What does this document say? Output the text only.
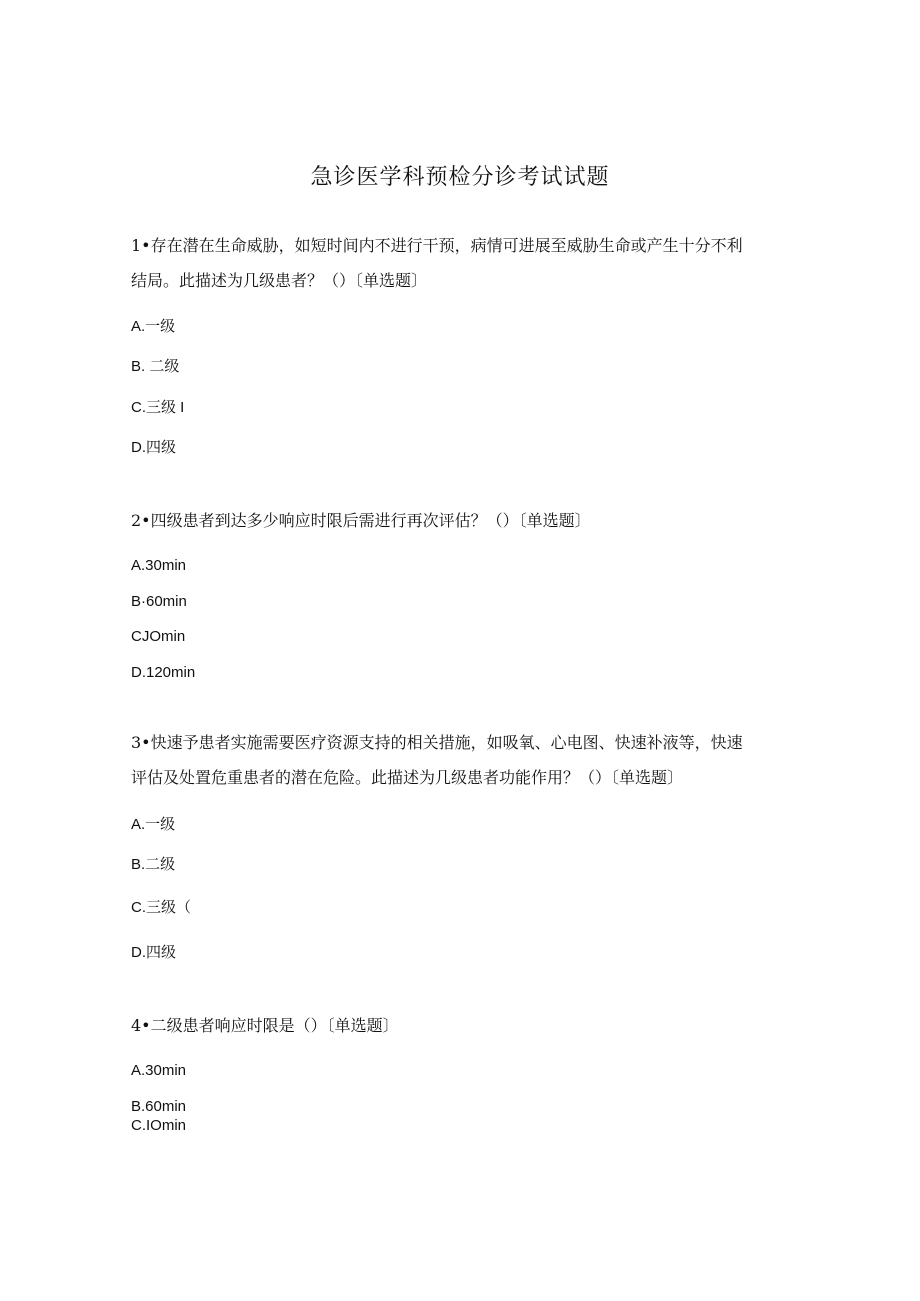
急诊医学科预检分诊考试试题
1•存在潜在生命威胁，如短时间内不进行干预，病情可进展至威胁生命或产生十分不利
结局。此描述为几级患者？（）〔单选题〕
A.一级
B. 二级
C.三级 I
D.四级
2•四级患者到达多少响应时限后需进行再次评估？（）〔单选题〕
A.30min
B·60min
CJOmin
D.120min
3•快速予患者实施需要医疗资源支持的相关措施，如吸氧、心电图、快速补液等，快速
评估及处置危重患者的潜在危险。此描述为几级患者功能作用？（）〔单选题〕
A.一级
B.二级
C.三级（
D.四级
4•二级患者响应时限是（）〔单选题〕
A.30min
B.60min
C.IOmin
